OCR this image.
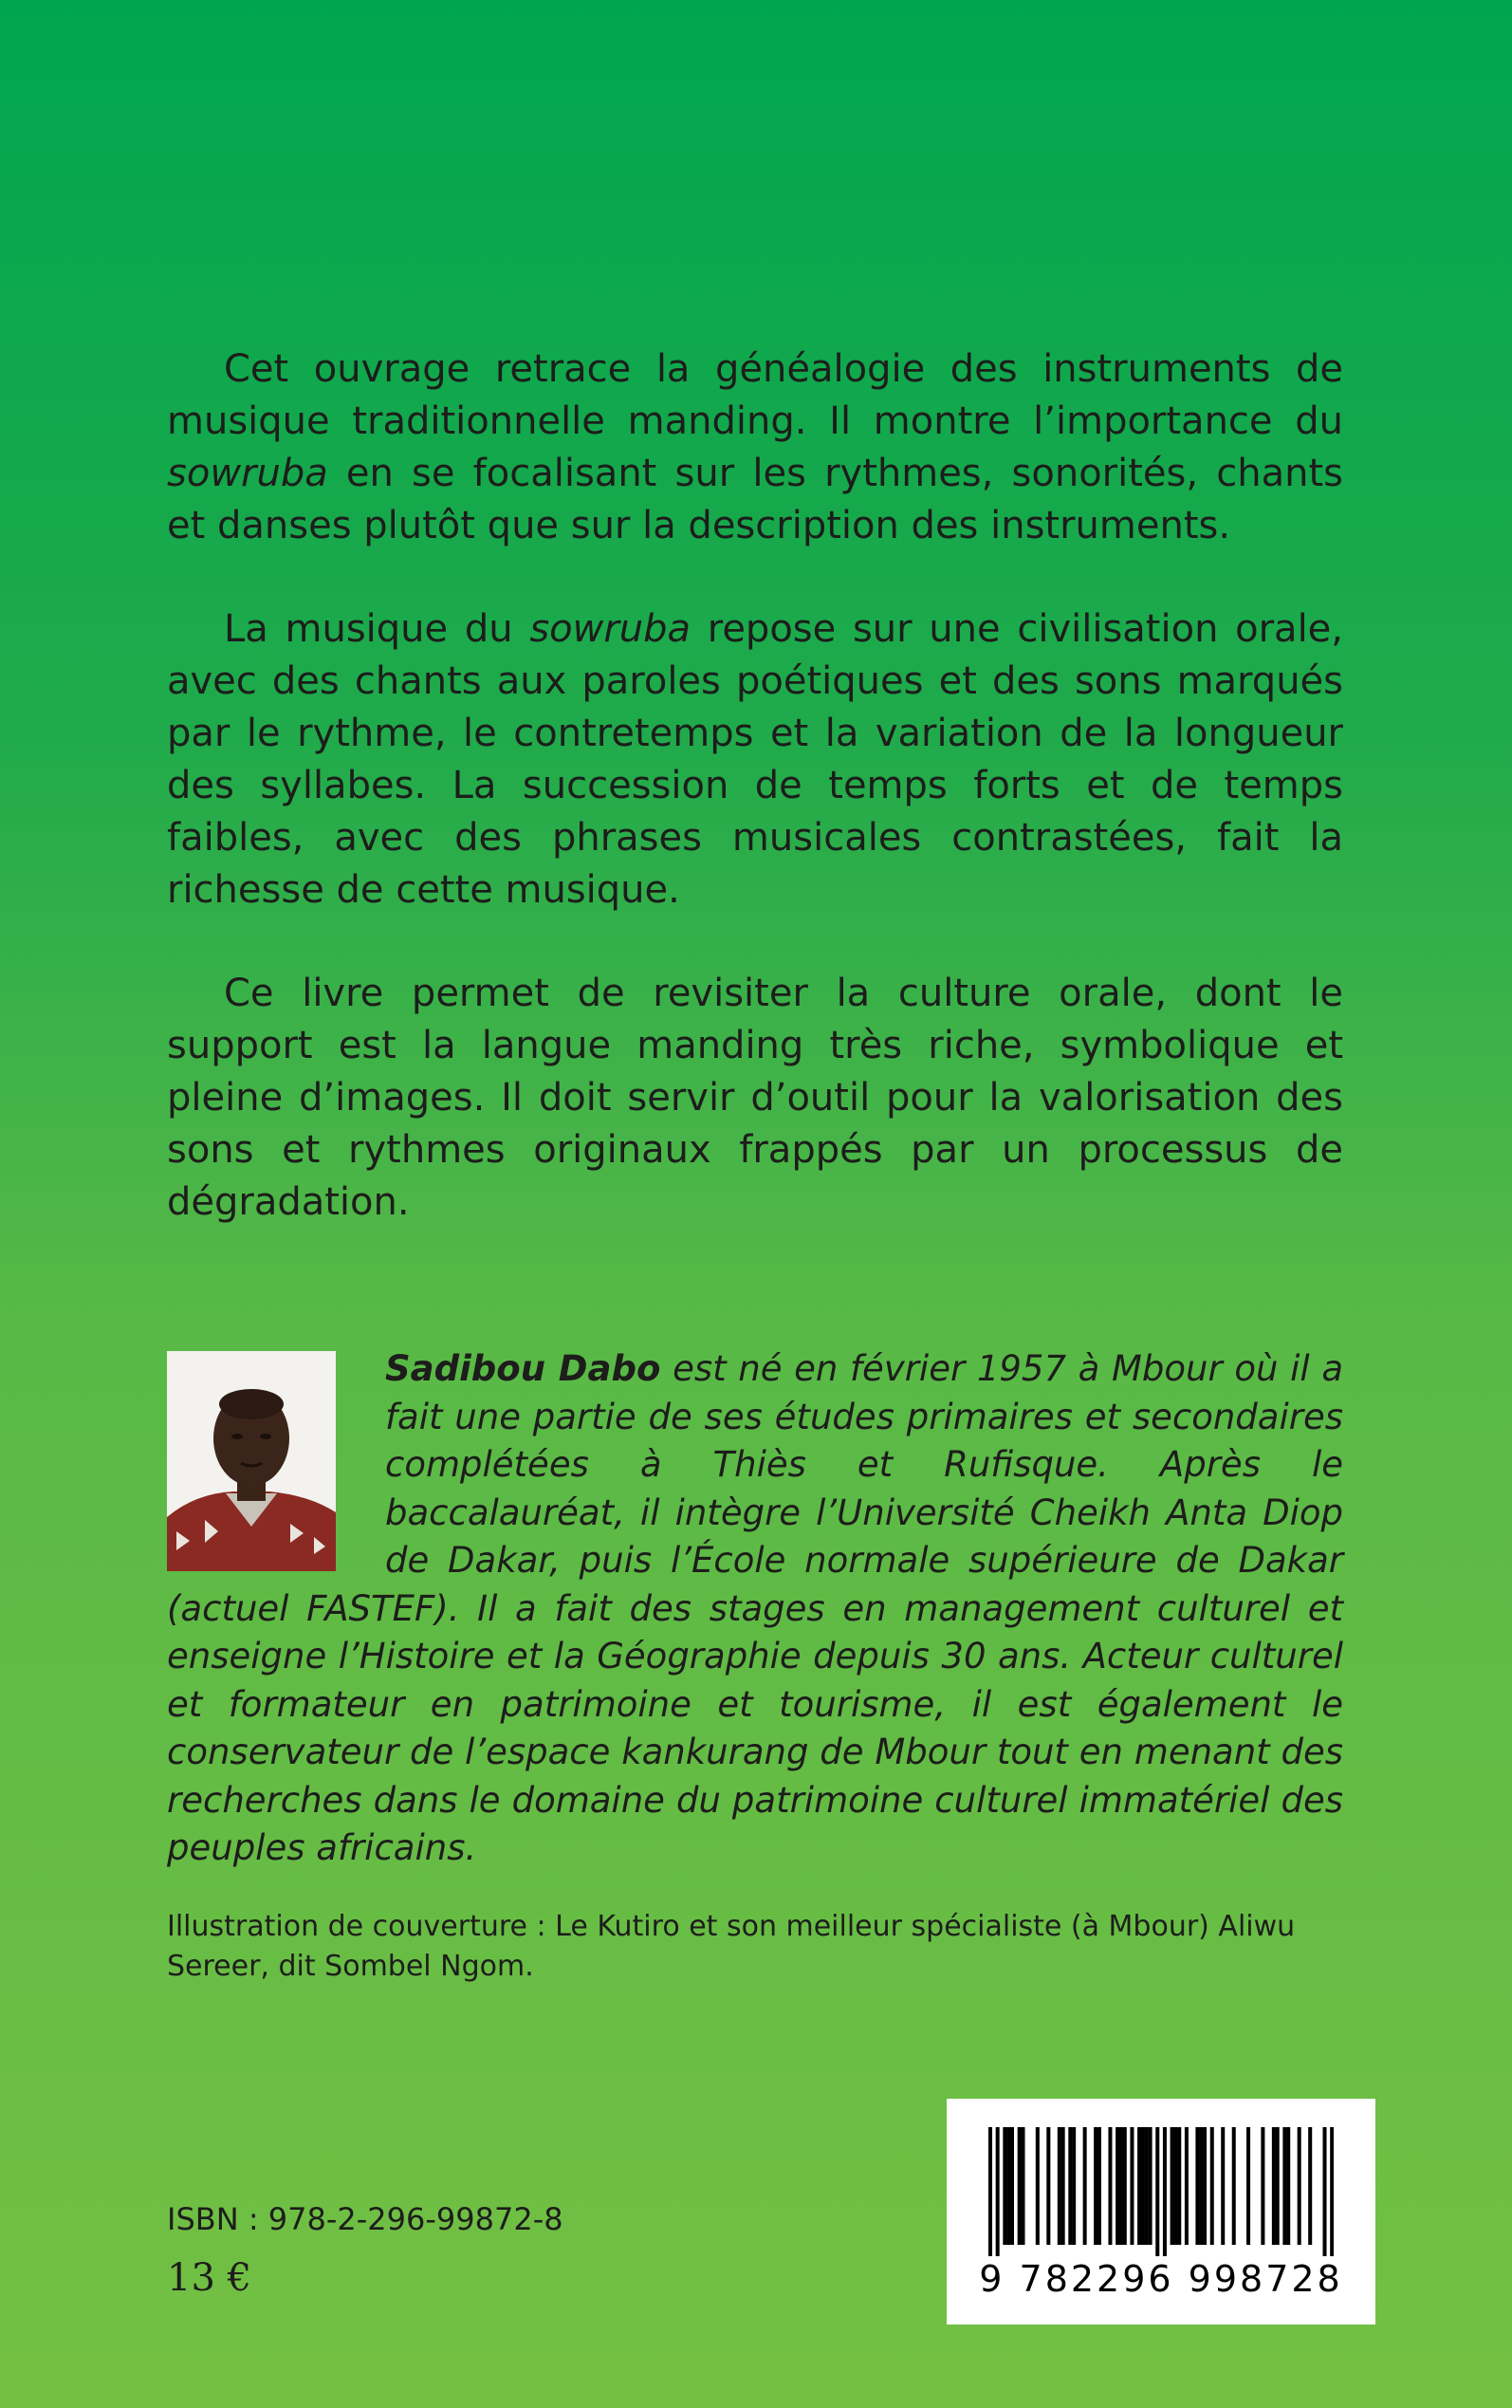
Cet ouvrage retrace la généalogie des instruments de musique traditionnelle manding. Il montre l’importance du sowruba en se focalisant sur les rythmes, sonorités, chants et danses plutôt que sur la description des instruments.

La musique du sowruba repose sur une civilisation orale, avec des chants aux paroles poétiques et des sons marqués par le rythme, le contretemps et la variation de la longueur des syllabes. La succession de temps forts et de temps faibles, avec des phrases musicales contrastées, fait la richesse de cette musique.

Ce livre permet de revisiter la culture orale, dont le support est la langue manding très riche, symbolique et pleine d’images. Il doit servir d’outil pour la valorisation des sons et rythmes originaux frappés par un processus de dégradation.

Sadibou Dabo est né en février 1957 à Mbour où il a fait une partie de ses études primaires et secondaires complétées à Thiès et Rufisque. Après le baccalauréat, il intègre l’Université Cheikh Anta Diop de Dakar, puis l’École normale supérieure de Dakar (actuel FASTEF). Il a fait des stages en management culturel et enseigne l’Histoire et la Géographie depuis 30 ans. Acteur culturel et formateur en patrimoine et tourisme, il est également le conservateur de l’espace kankurang de Mbour tout en menant des recherches dans le domaine du patrimoine culturel immatériel des peuples africains.

Illustration de couverture : Le Kutiro et son meilleur spécialiste (à Mbour) Aliwu Sereer, dit Sombel Ngom.

ISBN : 978-2-296-99872-8
13 €	9 782296 998728
